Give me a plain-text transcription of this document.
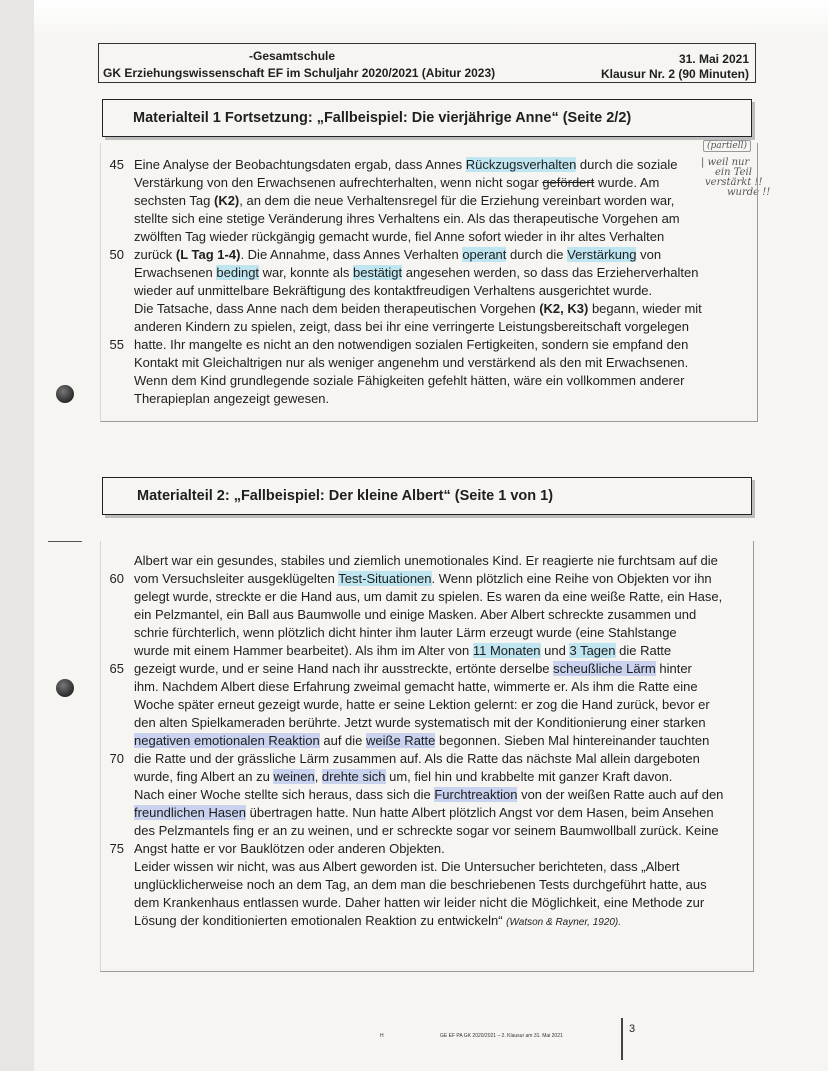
-Gesamtschule
GK Erziehungswissenschaft EF im Schuljahr 2020/2021 (Abitur 2023)
31. Mai 2021
Klausur Nr. 2 (90 Minuten)
Materialteil 1 Fortsetzung: „Fallbeispiel: Die vierjährige Anne“ (Seite 2/2)
(partiell)
| weil nur
ein Teil
verstärkt !!
wurde !!
45 Eine Analyse der Beobachtungsdaten ergab, dass Annes Rückzugsverhalten durch die soziale
Verstärkung von den Erwachsenen aufrechterhalten, wenn nicht sogar gefördert wurde. Am
sechsten Tag (K2), an dem die neue Verhaltensregel für die Erziehung vereinbart worden war,
stellte sich eine stetige Veränderung ihres Verhaltens ein. Als das therapeutische Vorgehen am
zwölften Tag wieder rückgängig gemacht wurde, fiel Anne sofort wieder in ihr altes Verhalten
50 zurück (L Tag 1-4). Die Annahme, dass Annes Verhalten operant durch die Verstärkung von
Erwachsenen bedingt war, konnte als bestätigt angesehen werden, so dass das Erzieherverhalten
wieder auf unmittelbare Bekräftigung des kontaktfreudigen Verhaltens ausgerichtet wurde.
Die Tatsache, dass Anne nach dem beiden therapeutischen Vorgehen (K2, K3) begann, wieder mit
anderen Kindern zu spielen, zeigt, dass bei ihr eine verringerte Leistungsbereitschaft vorgelegen
55 hatte. Ihr mangelte es nicht an den notwendigen sozialen Fertigkeiten, sondern sie empfand den
Kontakt mit Gleichaltrigen nur als weniger angenehm und verstärkend als den mit Erwachsenen.
Wenn dem Kind grundlegende soziale Fähigkeiten gefehlt hätten, wäre ein vollkommen anderer
Therapieplan angezeigt gewesen.
Materialteil 2: „Fallbeispiel: Der kleine Albert“ (Seite 1 von 1)
Albert war ein gesundes, stabiles und ziemlich unemotionales Kind. Er reagierte nie furchtsam auf die
60 vom Versuchsleiter ausgeklügelten Test-Situationen. Wenn plötzlich eine Reihe von Objekten vor ihn
gelegt wurde, streckte er die Hand aus, um damit zu spielen. Es waren da eine weiße Ratte, ein Hase,
ein Pelzmantel, ein Ball aus Baumwolle und einige Masken. Aber Albert schreckte zusammen und
schrie fürchterlich, wenn plötzlich dicht hinter ihm lauter Lärm erzeugt wurde (eine Stahlstange
wurde mit einem Hammer bearbeitet). Als ihm im Alter von 11 Monaten und 3 Tagen die Ratte
65 gezeigt wurde, und er seine Hand nach ihr ausstreckte, ertönte derselbe scheußliche Lärm hinter
ihm. Nachdem Albert diese Erfahrung zweimal gemacht hatte, wimmerte er. Als ihm die Ratte eine
Woche später erneut gezeigt wurde, hatte er seine Lektion gelernt: er zog die Hand zurück, bevor er
den alten Spielkameraden berührte. Jetzt wurde systematisch mit der Konditionierung einer starken
negativen emotionalen Reaktion auf die weiße Ratte begonnen. Sieben Mal hintereinander tauchten
70 die Ratte und der grässliche Lärm zusammen auf. Als die Ratte das nächste Mal allein dargeboten
wurde, fing Albert an zu weinen, drehte sich um, fiel hin und krabbelte mit ganzer Kraft davon.
Nach einer Woche stellte sich heraus, dass sich die Furchtreaktion von der weißen Ratte auch auf den
freundlichen Hasen übertragen hatte. Nun hatte Albert plötzlich Angst vor dem Hasen, beim Ansehen
des Pelzmantels fing er an zu weinen, und er schreckte sogar vor seinem Baumwollball zurück. Keine
75 Angst hatte er vor Bauklötzen oder anderen Objekten.
Leider wissen wir nicht, was aus Albert geworden ist. Die Untersucher berichteten, dass „Albert
unglücklicherweise noch an dem Tag, an dem man die beschriebenen Tests durchgeführt hatte, aus
dem Krankenhaus entlassen wurde. Daher hatten wir leider nicht die Möglichkeit, eine Methode zur
Lösung der konditionierten emotionalen Reaktion zu entwickeln“ (Watson & Rayner, 1920).
H	GE EF PA GK 2020/2021 – 2. Klausur am 31. Mai 2021
3
